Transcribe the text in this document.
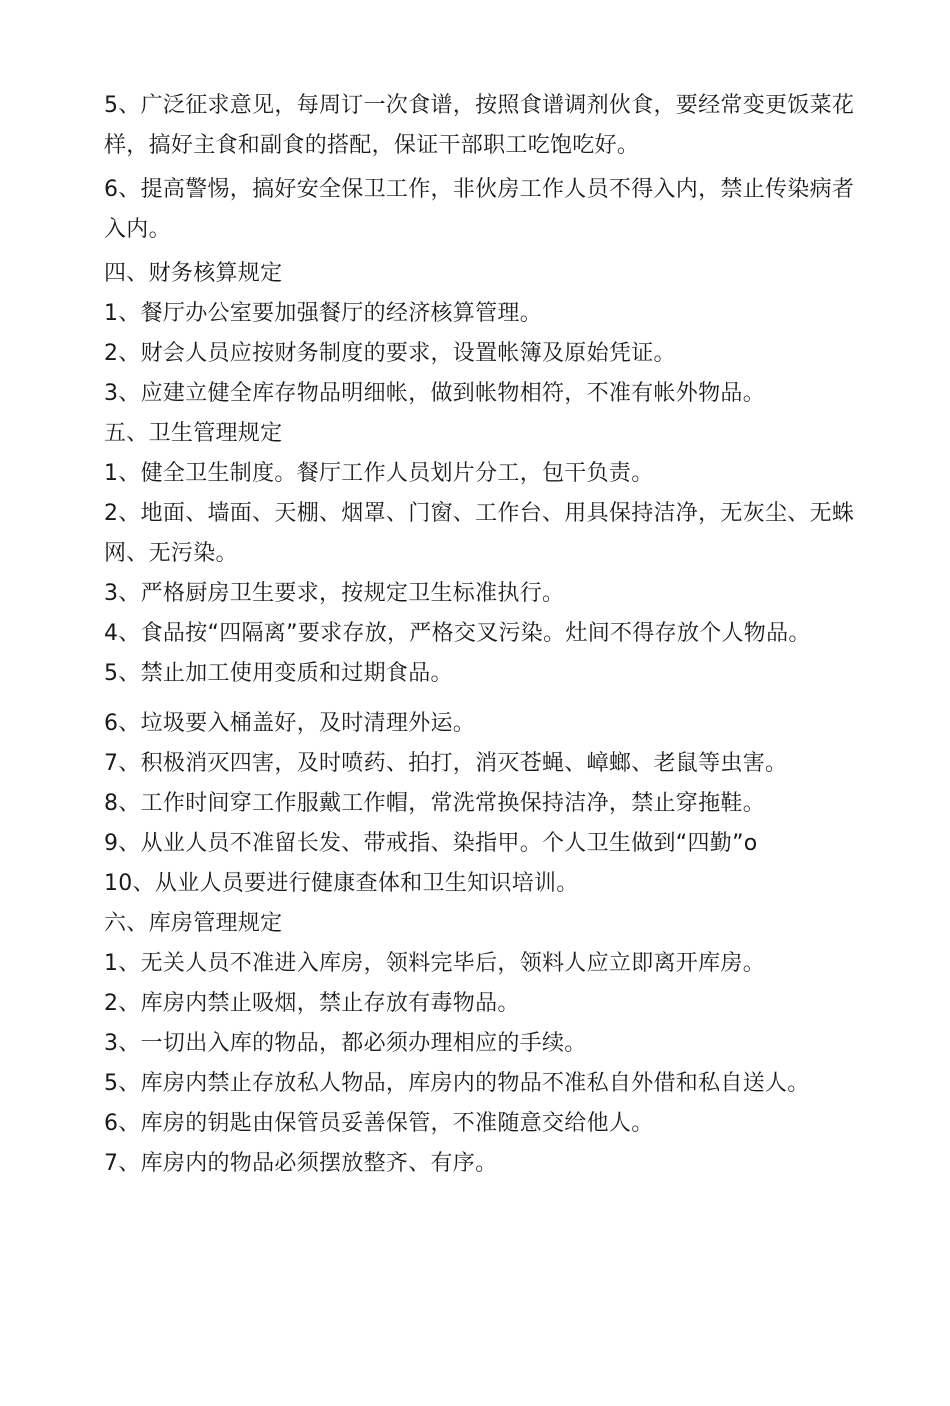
5、广泛征求意见，每周订一次食谱，按照食谱调剂伙食，要经常变更饭菜花样，搞好主食和副食的搭配，保证干部职工吃饱吃好。

6、提高警惕，搞好安全保卫工作，非伙房工作人员不得入内，禁止传染病者入内。

四、财务核算规定

1、餐厅办公室要加强餐厅的经济核算管理。

2、财会人员应按财务制度的要求，设置帐簿及原始凭证。

3、应建立健全库存物品明细帐，做到帐物相符，不准有帐外物品。

五、卫生管理规定

1、健全卫生制度。餐厅工作人员划片分工，包干负责。

2、地面、墙面、天棚、烟罩、门窗、工作台、用具保持洁净，无灰尘、无蛛网、无污染。

3、严格厨房卫生要求，按规定卫生标准执行。

4、食品按“四隔离”要求存放，严格交叉污染。灶间不得存放个人物品。

5、禁止加工使用变质和过期食品。

6、垃圾要入桶盖好，及时清理外运。

7、积极消灭四害，及时喷药、拍打，消灭苍蝇、嶂螂、老鼠等虫害。

8、工作时间穿工作服戴工作帽，常洗常换保持洁净，禁止穿拖鞋。

9、从业人员不准留长发、带戒指、染指甲。个人卫生做到“四勤”o

10、从业人员要进行健康查体和卫生知识培训。

六、库房管理规定

1、无关人员不准进入库房，领料完毕后，领料人应立即离开库房。

2、库房内禁止吸烟，禁止存放有毒物品。

3、一切出入库的物品，都必须办理相应的手续。

5、库房内禁止存放私人物品，库房内的物品不准私自外借和私自送人。

6、库房的钥匙由保管员妥善保管，不准随意交给他人。

7、库房内的物品必须摆放整齐、有序。
